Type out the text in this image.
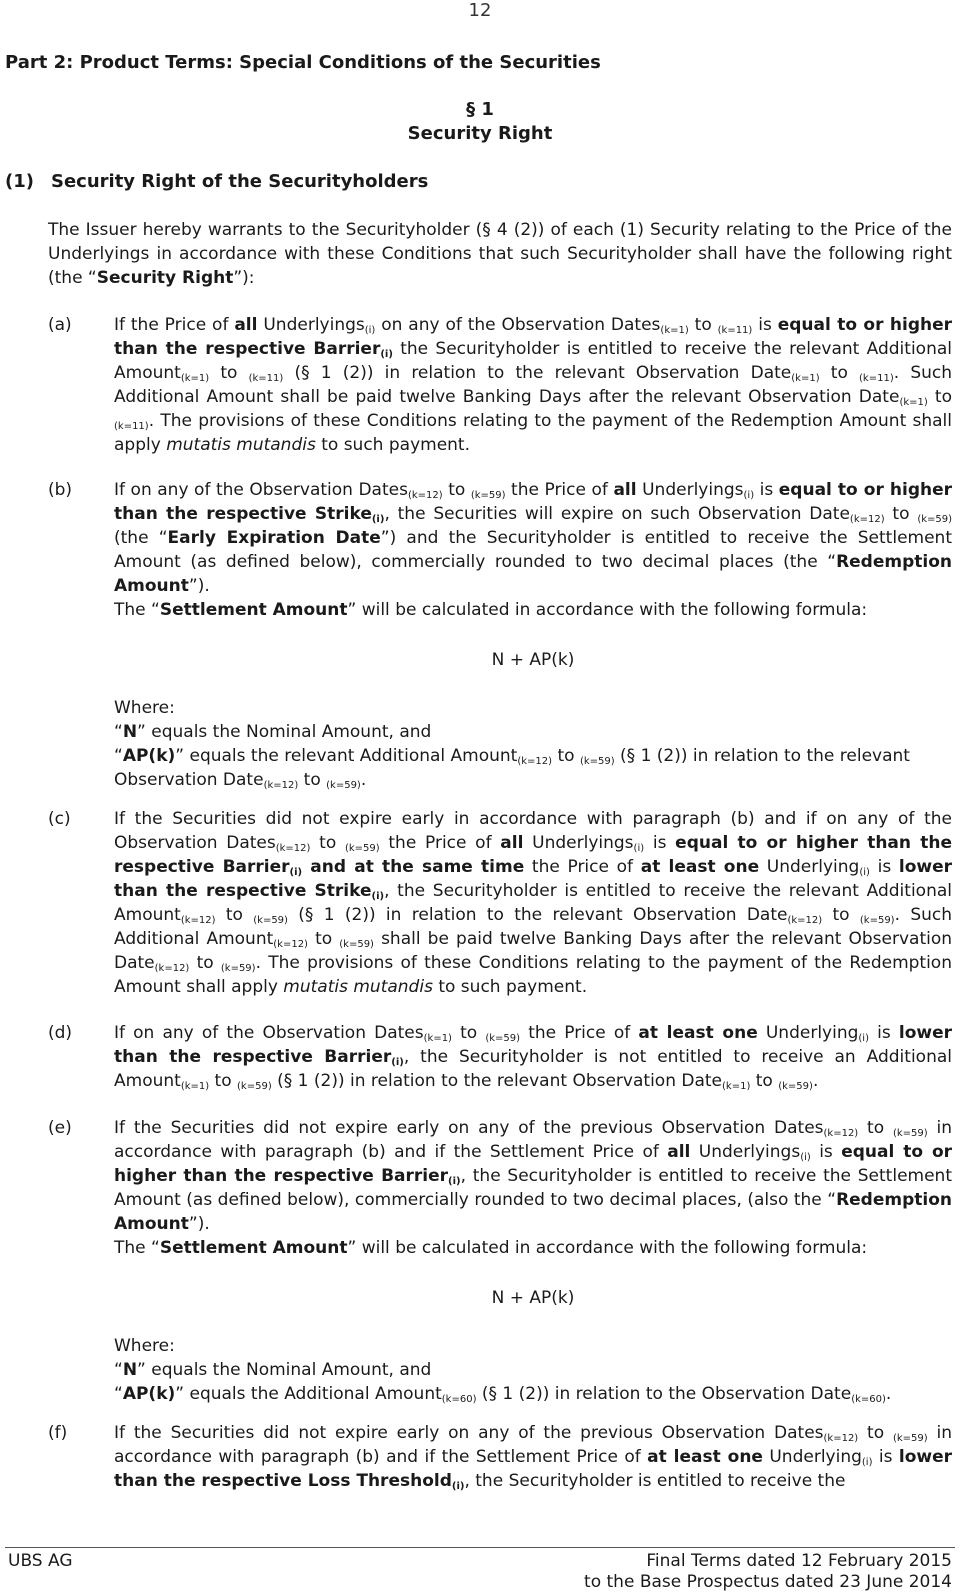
12
Part 2: Product Terms: Special Conditions of the Securities
§ 1
Security Right
(1) Security Right of the Securityholders

The Issuer hereby warrants to the Securityholder (§ 4 (2)) of each (1) Security relating to the Price of the Underlyings in accordance with these Conditions that such Securityholder shall have the following right (the “Security Right”):

(a) If the Price of all Underlyings$_{(i)}$ on any of the Observation Dates$_{(k=1)}$ to $_{(k=11)}$ is equal to or higher than the respective Barrier$_{(i)}$ the Securityholder is entitled to receive the relevant Additional Amount$_{(k=1)}$ to $_{(k=11)}$ (§ 1 (2)) in relation to the relevant Observation Date$_{(k=1)}$ to $_{(k=11)}$. Such Additional Amount shall be paid twelve Banking Days after the relevant Observation Date$_{(k=1)}$ to $_{(k=11)}$. The provisions of these Conditions relating to the payment of the Redemption Amount shall apply mutatis mutandis to such payment.

(b) If on any of the Observation Dates$_{(k=12)}$ to $_{(k=59)}$ the Price of all Underlyings$_{(i)}$ is equal to or higher than the respective Strike$_{(i)}$, the Securities will expire on such Observation Date$_{(k=12)}$ to $_{(k=59)}$ (the “Early Expiration Date”) and the Securityholder is entitled to receive the Settlement Amount (as defined below), commercially rounded to two decimal places (the “Redemption Amount”).

The “Settlement Amount” will be calculated in accordance with the following formula:

N + AP(k)

Where:
“N” equals the Nominal Amount, and
“AP(k)” equals the relevant Additional Amount$_{(k=12)}$ to $_{(k=59)}$ (§ 1 (2)) in relation to the relevant Observation Date$_{(k=12)}$ to $_{(k=59)}$.

(c)	If the Securities did not expire early in accordance with paragraph (b) and if on any of the Observation Dates$_{(k=12)}$ to $_{(k=59)}$ the Price of all Underlyings$_{(i)}$ is equal to or higher than the respective Barrier$_{(i)}$ and at the same time the Price of at least one Underlying$_{(i)}$ is lower than the respective Strike$_{(i)}$, the Securityholder is entitled to receive the relevant Additional Amount$_{(k=12)}$ to $_{(k=59)}$ (§ 1 (2)) in relation to the relevant Observation Date$_{(k=12)}$ to $_{(k=59)}$. Such Additional Amount$_{(k=12)}$ to $_{(k=59)}$ shall be paid twelve Banking Days after the relevant Observation Date$_{(k=12)}$ to $_{(k=59)}$. The provisions of these Conditions relating to the payment of the Redemption Amount shall apply mutatis mutandis to such payment.

(d) If on any of the Observation Dates$_{(k=1)}$ to $_{(k=59)}$ the Price of at least one Underlying$_{(i)}$ is lower than the respective Barrier$_{(i)}$, the Securityholder is not entitled to receive an Additional Amount$_{(k=1)}$ to $_{(k=59)}$ (§ 1 (2)) in relation to the relevant Observation Date$_{(k=1)}$ to $_{(k=59)}$.

(e) If the Securities did not expire early on any of the previous Observation Dates$_{(k=12)}$ to $_{(k=59)}$ in accordance with paragraph (b) and if the Settlement Price of all Underlyings$_{(i)}$ is equal to or higher than the respective Barrier$_{(i)}$, the Securityholder is entitled to receive the Settlement Amount (as defined below), commercially rounded to two decimal places, (also the “Redemption Amount”).

The “Settlement Amount” will be calculated in accordance with the following formula:

N + AP(k)

Where:
“N” equals the Nominal Amount, and
“AP(k)” equals the Additional Amount$_{(k=60)}$ (§ 1 (2)) in relation to the Observation Date$_{(k=60)}$.

(f)	If the Securities did not expire early on any of the previous Observation Dates$_{(k=12)}$ to $_{(k=59)}$ in accordance with paragraph (b) and if the Settlement Price of at least one Underlying$_{(i)}$ is lower than the respective Loss Threshold$_{(i)}$, the Securityholder is entitled to receive the

UBS AG	Final Terms dated 12 February 2015
to the Base Prospectus dated 23 June 2014
